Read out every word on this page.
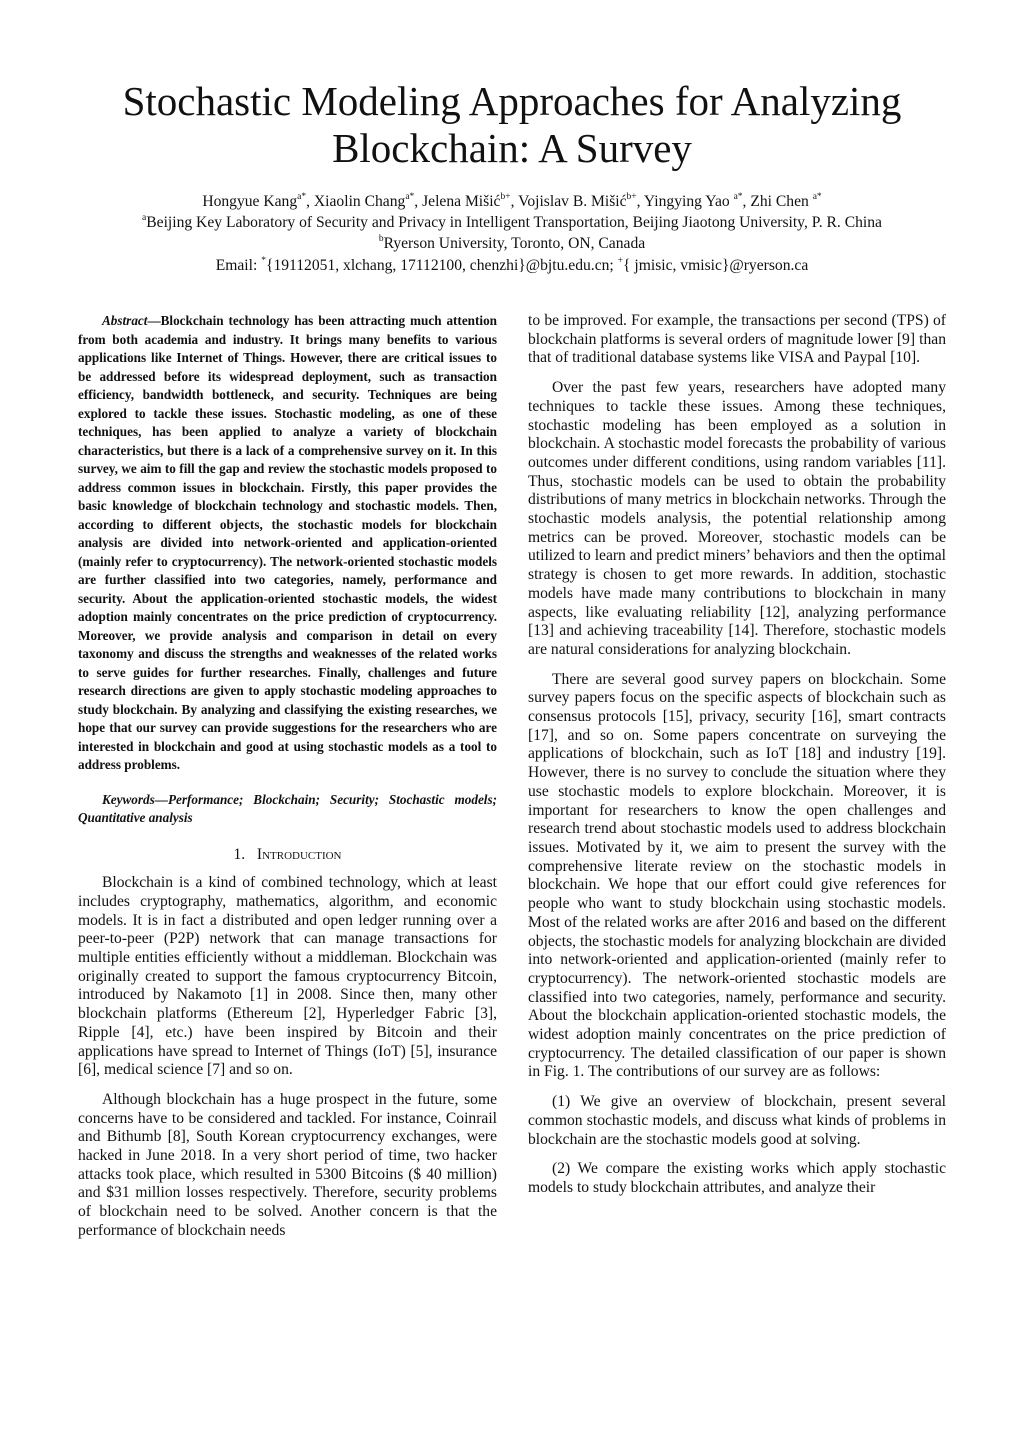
Stochastic Modeling Approaches for Analyzing
Blockchain: A Survey
Hongyue Kang$^{a*}$, Xiaolin Chang$^{a*}$, Jelena Mišić$^{b+}$, Vojislav B. Mišić$^{b+}$, Yingying Yao $^{a*}$, Zhi Chen $^{a*}$
$^a$Beijing Key Laboratory of Security and Privacy in Intelligent Transportation, Beijing Jiaotong University, P. R. China
$^b$Ryerson University, Toronto, ON, Canada
Email: *{19112051, xlchang, 17112100, chenzhi}@bjtu.edu.cn; +{ jmisic, vmisic}@ryerson.ca

Abstract—Blockchain technology has been attracting much attention from both academia and industry. It brings many benefits to various applications like Internet of Things. However, there are critical issues to be addressed before its widespread deployment, such as transaction efficiency, bandwidth bottleneck, and security. Techniques are being explored to tackle these issues. Stochastic modeling, as one of these techniques, has been applied to analyze a variety of blockchain characteristics, but there is a lack of a comprehensive survey on it. In this survey, we aim to fill the gap and review the stochastic models proposed to address common issues in blockchain. Firstly, this paper provides the basic knowledge of blockchain technology and stochastic models. Then, according to different objects, the stochastic models for blockchain analysis are divided into network-oriented and application-oriented (mainly refer to cryptocurrency). The network-oriented stochastic models are further classified into two categories, namely, performance and security. About the application-oriented stochastic models, the widest adoption mainly concentrates on the price prediction of cryptocurrency. Moreover, we provide analysis and comparison in detail on every taxonomy and discuss the strengths and weaknesses of the related works to serve guides for further researches. Finally, challenges and future research directions are given to apply stochastic modeling approaches to study blockchain. By analyzing and classifying the existing researches, we hope that our survey can provide suggestions for the researchers who are interested in blockchain and good at using stochastic models as a tool to address problems.

Keywords—Performance; Blockchain; Security; Stochastic models; Quantitative analysis

1. Introduction

Blockchain is a kind of combined technology, which at least includes cryptography, mathematics, algorithm, and economic models. It is in fact a distributed and open ledger running over a peer-to-peer (P2P) network that can manage transactions for multiple entities efficiently without a middleman. Blockchain was originally created to support the famous cryptocurrency Bitcoin, introduced by Nakamoto [1] in 2008. Since then, many other blockchain platforms (Ethereum [2], Hyperledger Fabric [3], Ripple [4], etc.) have been inspired by Bitcoin and their applications have spread to Internet of Things (IoT) [5], insurance [6], medical science [7] and so on.

Although blockchain has a huge prospect in the future, some concerns have to be considered and tackled. For instance, Coinrail and Bithumb [8], South Korean cryptocurrency exchanges, were hacked in June 2018. In a very short period of time, two hacker attacks took place, which resulted in 5300 Bitcoins ($ 40 million) and $31 million losses respectively. Therefore, security problems of blockchain need to be solved. Another concern is that the performance of blockchain needs

to be improved. For example, the transactions per second (TPS) of blockchain platforms is several orders of magnitude lower [9] than that of traditional database systems like VISA and Paypal [10].

Over the past few years, researchers have adopted many techniques to tackle these issues. Among these techniques, stochastic modeling has been employed as a solution in blockchain. A stochastic model forecasts the probability of various outcomes under different conditions, using random variables [11]. Thus, stochastic models can be used to obtain the probability distributions of many metrics in blockchain networks. Through the stochastic models analysis, the potential relationship among metrics can be proved. Moreover, stochastic models can be utilized to learn and predict miners’ behaviors and then the optimal strategy is chosen to get more rewards. In addition, stochastic models have made many contributions to blockchain in many aspects, like evaluating reliability [12], analyzing performance [13] and achieving traceability [14]. Therefore, stochastic models are natural considerations for analyzing blockchain.

There are several good survey papers on blockchain. Some survey papers focus on the specific aspects of blockchain such as consensus protocols [15], privacy, security [16], smart contracts [17], and so on. Some papers concentrate on surveying the applications of blockchain, such as IoT [18] and industry [19]. However, there is no survey to conclude the situation where they use stochastic models to explore blockchain. Moreover, it is important for researchers to know the open challenges and research trend about stochastic models used to address blockchain issues. Motivated by it, we aim to present the survey with the comprehensive literate review on the stochastic models in blockchain. We hope that our effort could give references for people who want to study blockchain using stochastic models. Most of the related works are after 2016 and based on the different objects, the stochastic models for analyzing blockchain are divided into network-oriented and application-oriented (mainly refer to cryptocurrency). The network-oriented stochastic models are classified into two categories, namely, performance and security. About the blockchain application-oriented stochastic models, the widest adoption mainly concentrates on the price prediction of cryptocurrency. The detailed classification of our paper is shown in Fig. 1. The contributions of our survey are as follows:

(1) We give an overview of blockchain, present several common stochastic models, and discuss what kinds of problems in blockchain are the stochastic models good at solving.

(2) We compare the existing works which apply stochastic models to study blockchain attributes, and analyze their
